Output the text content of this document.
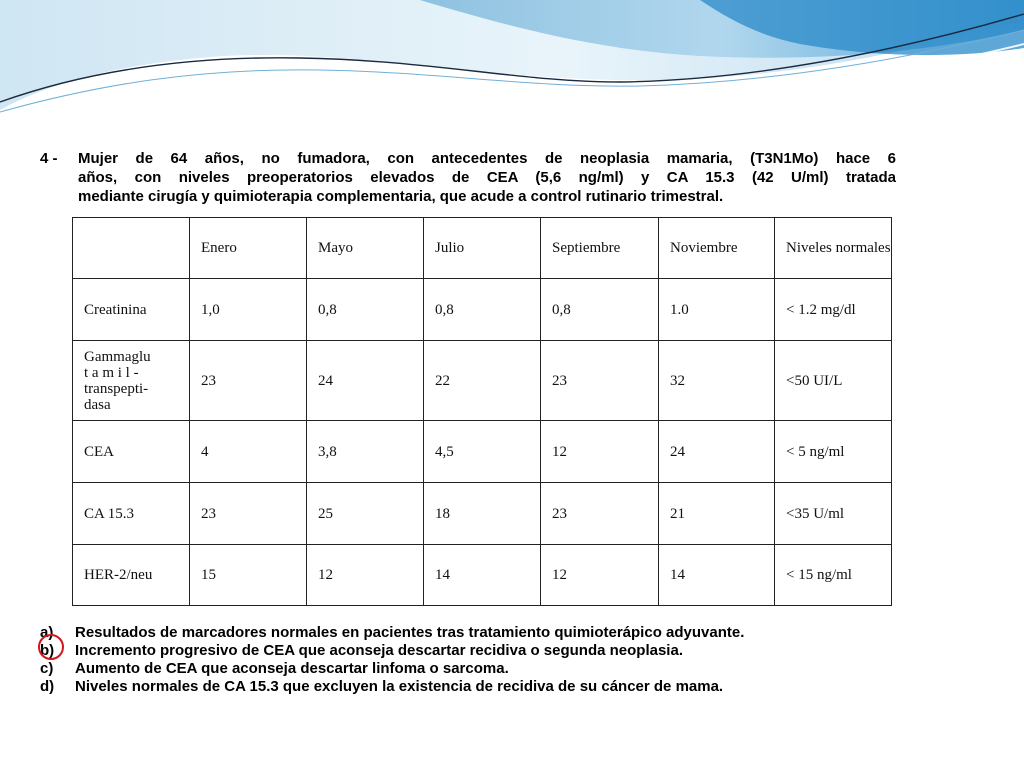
4 - Mujer de 64 años, no fumadora, con antecedentes de neoplasia mamaria, (T3N1Mo) hace 6
años, con niveles preoperatorios elevados de CEA (5,6 ng/ml) y CA 15.3 (42 U/ml) tratada
mediante cirugía y quimioterapia complementaria, que acude a control rutinario trimestral.
	Enero	Mayo	Julio	Septiembre	Noviembre	Niveles normales
Creatinina	1,0	0,8	0,8	0,8	1.0	< 1.2 mg/dl

Gammaglu
t a m i l -
transpepti-
dasa	23	24	22	23	32	<50 UI/L
CEA	4	3,8	4,5	12	24	< 5 ng/ml
CA 15.3	23	25	18	23	21	<35 U/ml
HER-2/neu	15	12	14	12	14	< 15 ng/ml
a)	Resultados de marcadores normales en pacientes tras tratamiento quimioterápico adyuvante.
b)	Incremento progresivo de CEA que aconseja descartar recidiva o segunda neoplasia.
c)	Aumento de CEA que aconseja descartar linfoma o sarcoma.
d)	Niveles normales de CA 15.3 que excluyen la existencia de recidiva de su cáncer de mama.
